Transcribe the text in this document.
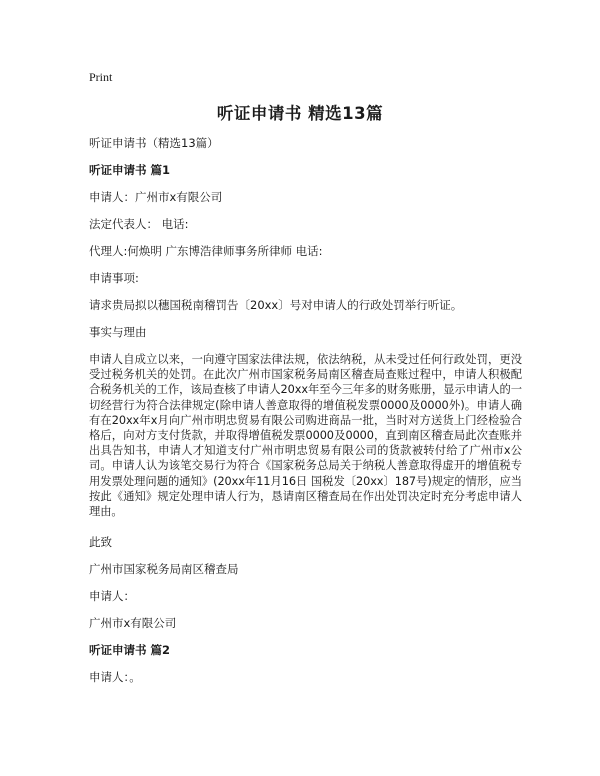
Print
听证申请书 精选13篇
听证申请书（精选13篇）
听证申请书 篇1
申请人：广州市x有限公司
法定代表人： 电话:
代理人:何焕明 广东博浩律师事务所律师 电话:
申请事项:
请求贵局拟以穗国税南稽罚告〔20xx〕号对申请人的行政处罚举行听证。
事实与理由
申请人自成立以来，一向遵守国家法律法规，依法纳税，从未受过任何行政处罚，更没受过税务机关的处罚。在此次广州市国家税务局南区稽查局查账过程中，申请人积极配合税务机关的工作，该局查核了申请人20xx年至今三年多的财务账册，显示申请人的一切经营行为符合法律规定(除申请人善意取得的增值税发票0000及0000外)。申请人确有在20xx年x月向广州市明忠贸易有限公司购进商品一批，当时对方送货上门经检验合格后，向对方支付货款，并取得增值税发票0000及0000，直到南区稽查局此次查账并出具告知书，申请人才知道支付广州市明忠贸易有限公司的货款被转付给了广州市x公司。申请人认为该笔交易行为符合《国家税务总局关于纳税人善意取得虚开的增值税专用发票处理问题的通知》(20xx年11月16日 国税发〔20xx〕187号)规定的情形，应当按此《通知》规定处理申请人行为，恳请南区稽查局在作出处罚决定时充分考虑申请人理由。
此致
广州市国家税务局南区稽查局
申请人：
广州市x有限公司
听证申请书 篇2
申请人：。
